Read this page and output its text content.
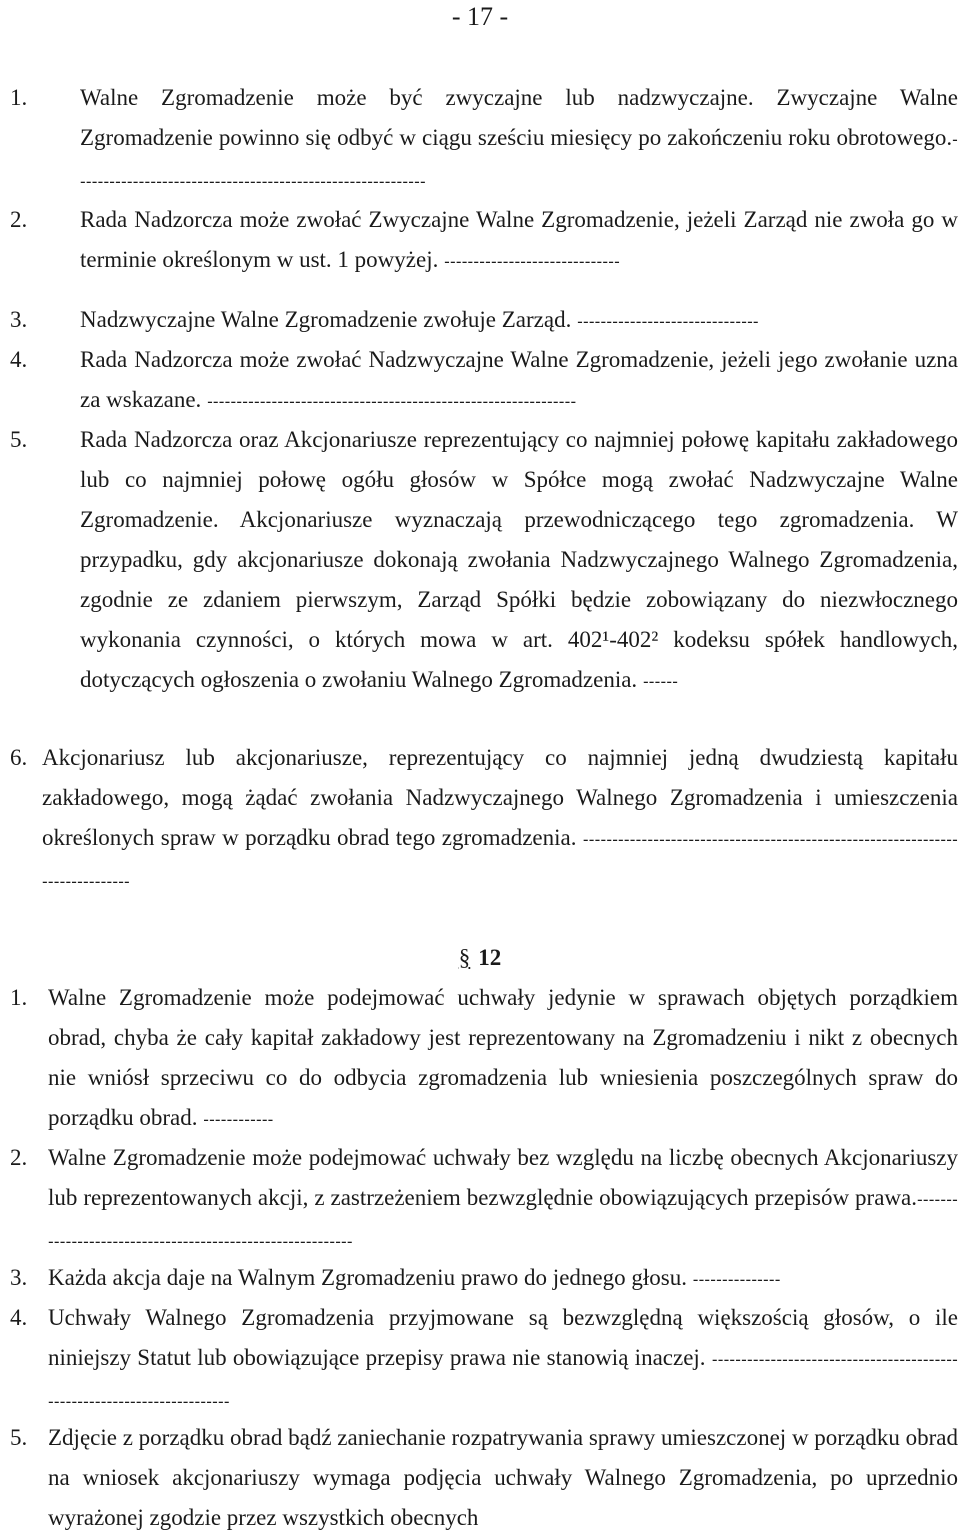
- 17 -
1. Walne Zgromadzenie może być zwyczajne lub nadzwyczajne. Zwyczajne Walne Zgromadzenie powinno się odbyć w ciągu sześciu miesięcy po zakończeniu roku obrotowego.------------------------------------------------------------
2. Rada Nadzorcza może zwołać Zwyczajne Walne Zgromadzenie, jeżeli Zarząd nie zwoła go w terminie określonym w ust. 1 powyżej. ------------------------------
3. Nadzwyczajne Walne Zgromadzenie zwołuje Zarząd. -------------------------------
4. Rada Nadzorcza może zwołać Nadzwyczajne Walne Zgromadzenie, jeżeli jego zwołanie uzna za wskazane. ---------------------------------------------------------------
5. Rada Nadzorcza oraz Akcjonariusze reprezentujący co najmniej połowę kapitału zakładowego lub co najmniej połowę ogółu głosów w Spółce mogą zwołać Nadzwyczajne Walne Zgromadzenie. Akcjonariusze wyznaczają przewodniczącego tego zgromadzenia. W przypadku, gdy akcjonariusze dokonają zwołania Nadzwyczajnego Walnego Zgromadzenia, zgodnie ze zdaniem pierwszym, Zarząd Spółki będzie zobowiązany do niezwłocznego wykonania czynności, o których mowa w art. 402¹-402² kodeksu spółek handlowych, dotyczących ogłoszenia o zwołaniu Walnego Zgromadzenia. ------
6. Akcjonariusz lub akcjonariusze, reprezentujący co najmniej jedną dwudziestą kapitału zakładowego, mogą żądać zwołania Nadzwyczajnego Walnego Zgromadzenia i umieszczenia określonych spraw w porządku obrad tego zgromadzenia. -------------------------------------------------------------------------------
§ 12
1. Walne Zgromadzenie może podejmować uchwały jedynie w sprawach objętych porządkiem obrad, chyba że cały kapitał zakładowy jest reprezentowany na Zgromadzeniu i nikt z obecnych nie wniósł sprzeciwu co do odbycia zgromadzenia lub wniesienia poszczególnych spraw do porządku obrad. ------------
2. Walne Zgromadzenie może podejmować uchwały bez względu na liczbę obecnych Akcjonariuszy lub reprezentowanych akcji, z zastrzeżeniem bezwzględnie obowiązujących przepisów prawa.-----------------------------------------------------------
3. Każda akcja daje na Walnym Zgromadzeniu prawo do jednego głosu. ---------------
4. Uchwały Walnego Zgromadzenia przyjmowane są bezwzględną większością głosów, o ile niniejszy Statut lub obowiązujące przepisy prawa nie stanowią inaczej. -------------------------------------------------------------------------
5. Zdjęcie z porządku obrad bądź zaniechanie rozpatrywania sprawy umieszczonej w porządku obrad na wniosek akcjonariuszy wymaga podjęcia uchwały Walnego Zgromadzenia, po uprzednio wyrażonej zgodzie przez wszystkich obecnych
